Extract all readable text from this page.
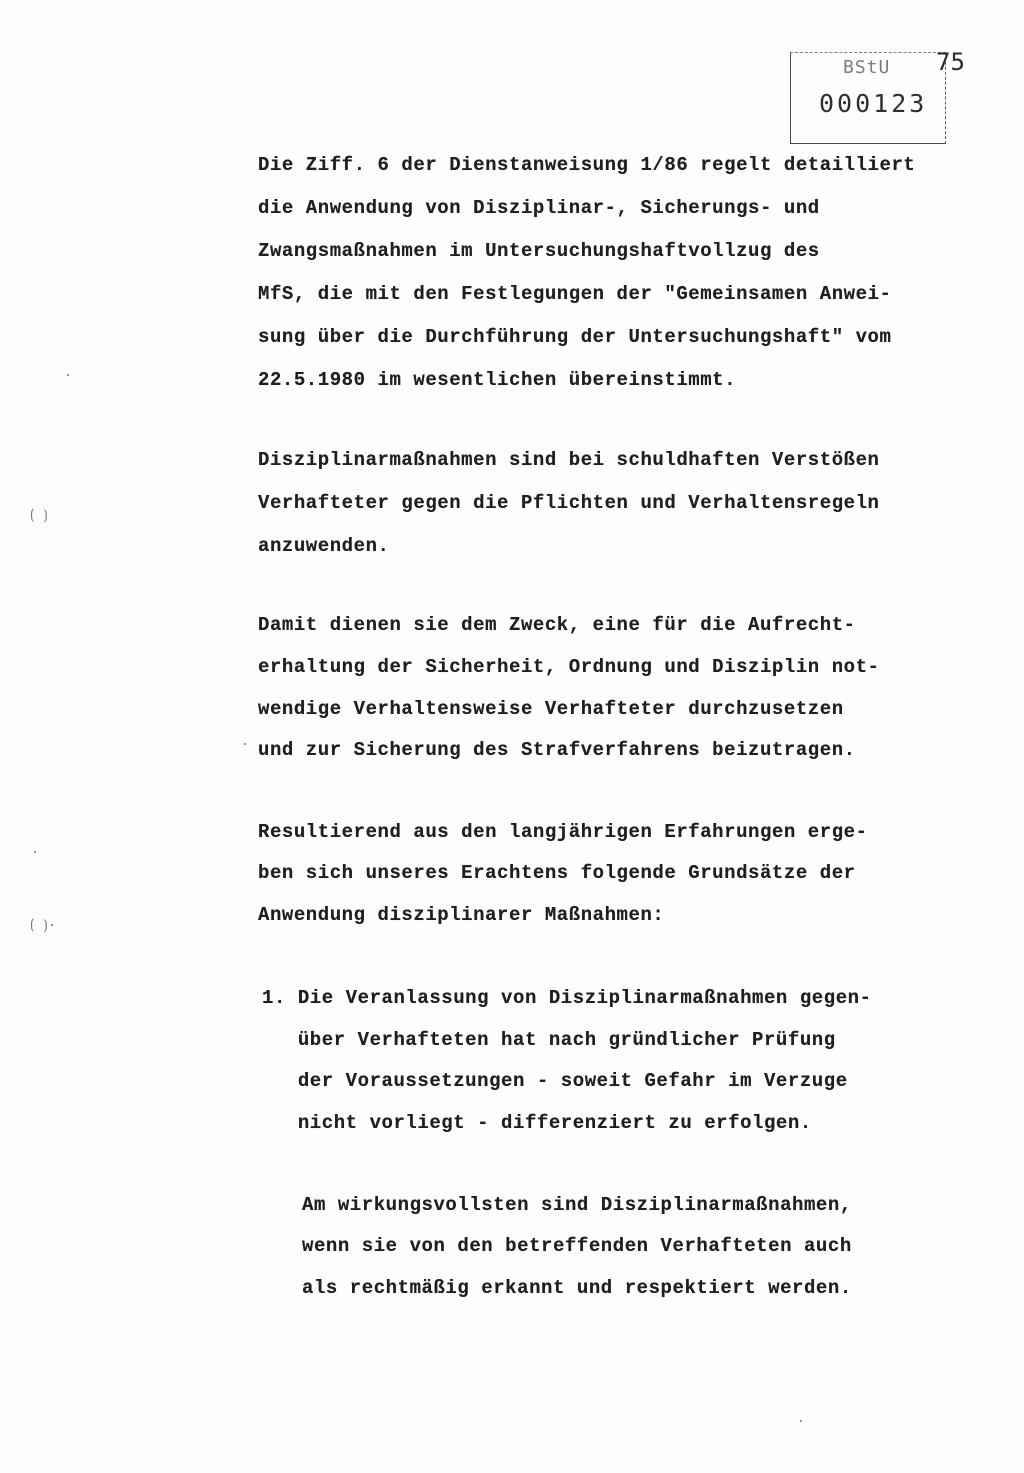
BStU
000123
75
⟮ ⟯
⟮ ⟯·
Die Ziff. 6 der Dienstanweisung 1/86 regelt detailliert
die Anwendung von Disziplinar-, Sicherungs- und
Zwangsmaßnahmen im Untersuchungshaftvollzug des
MfS, die mit den Festlegungen der "Gemeinsamen Anwei-
sung über die Durchführung der Untersuchungshaft" vom
22.5.1980 im wesentlichen übereinstimmt.
Disziplinarmaßnahmen sind bei schuldhaften Verstößen
Verhafteter gegen die Pflichten und Verhaltensregeln
anzuwenden.
Damit dienen sie dem Zweck, eine für die Aufrecht-
erhaltung der Sicherheit, Ordnung und Disziplin not-
wendige Verhaltensweise Verhafteter durchzusetzen
und zur Sicherung des Strafverfahrens beizutragen.
Resultierend aus den langjährigen Erfahrungen erge-
ben sich unseres Erachtens folgende Grundsätze der
Anwendung disziplinarer Maßnahmen:
1. Die Veranlassung von Disziplinarmaßnahmen gegen-
über Verhafteten hat nach gründlicher Prüfung
der Voraussetzungen - soweit Gefahr im Verzuge
nicht vorliegt - differenziert zu erfolgen.
Am wirkungsvollsten sind Disziplinarmaßnahmen,
wenn sie von den betreffenden Verhafteten auch
als rechtmäßig erkannt und respektiert werden.
